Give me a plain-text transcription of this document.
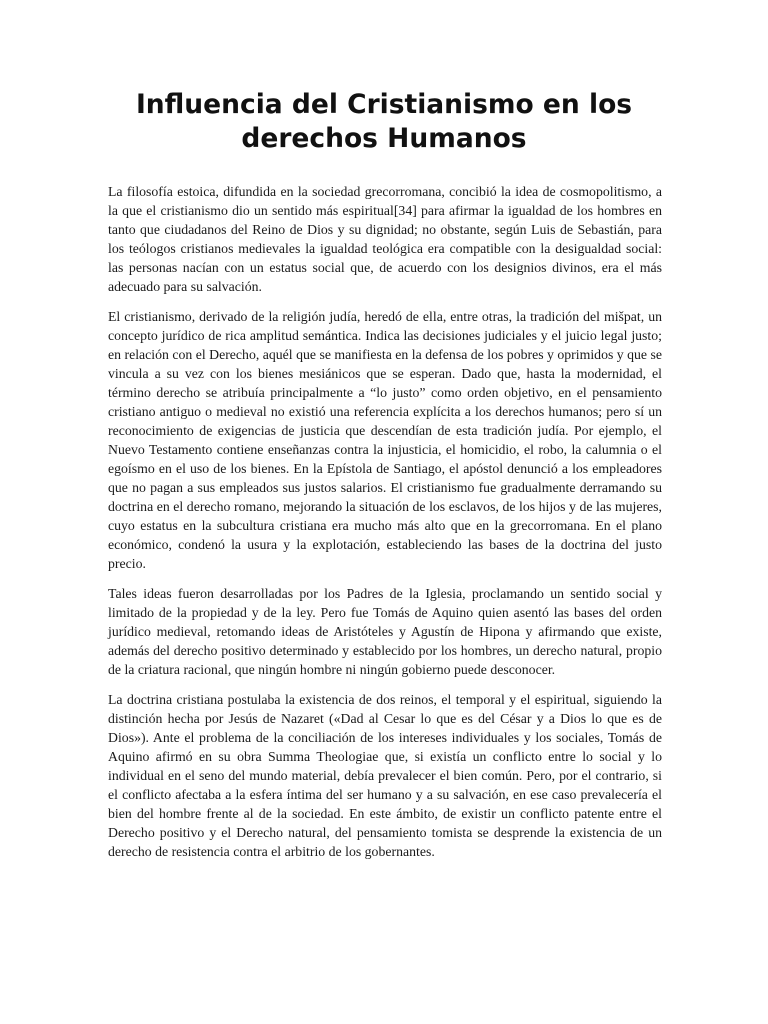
Influencia del Cristianismo en los
derechos Humanos

La filosofía estoica, difundida en la sociedad grecorromana, concibió la idea de cosmopolitismo, a la que el cristianismo dio un sentido más espiritual[34] para afirmar la igualdad de los hombres en tanto que ciudadanos del Reino de Dios y su dignidad; no obstante, según Luis de Sebastián, para los teólogos cristianos medievales la igualdad teológica era compatible con la desigualdad social: las personas nacían con un estatus social que, de acuerdo con los designios divinos, era el más adecuado para su salvación.

El cristianismo, derivado de la religión judía, heredó de ella, entre otras, la tradición del mišpat, un concepto jurídico de rica amplitud semántica. Indica las decisiones judiciales y el juicio legal justo; en relación con el Derecho, aquél que se manifiesta en la defensa de los pobres y oprimidos y que se vincula a su vez con los bienes mesiánicos que se esperan. Dado que, hasta la modernidad, el término derecho se atribuía principalmente a “lo justo” como orden objetivo, en el pensamiento cristiano antiguo o medieval no existió una referencia explícita a los derechos humanos; pero sí un reconocimiento de exigencias de justicia que descendían de esta tradición judía. Por ejemplo, el Nuevo Testamento contiene enseñanzas contra la injusticia, el homicidio, el robo, la calumnia o el egoísmo en el uso de los bienes. En la Epístola de Santiago, el apóstol denunció a los empleadores que no pagan a sus empleados sus justos salarios. El cristianismo fue gradualmente derramando su doctrina en el derecho romano, mejorando la situación de los esclavos, de los hijos y de las mujeres, cuyo estatus en la subcultura cristiana era mucho más alto que en la grecorromana. En el plano económico, condenó la usura y la explotación, estableciendo las bases de la doctrina del justo precio.

Tales ideas fueron desarrolladas por los Padres de la Iglesia, proclamando un sentido social y limitado de la propiedad y de la ley. Pero fue Tomás de Aquino quien asentó las bases del orden jurídico medieval, retomando ideas de Aristóteles y Agustín de Hipona y afirmando que existe, además del derecho positivo determinado y establecido por los hombres, un derecho natural, propio de la criatura racional, que ningún hombre ni ningún gobierno puede desconocer.

La doctrina cristiana postulaba la existencia de dos reinos, el temporal y el espiritual, siguiendo la distinción hecha por Jesús de Nazaret («Dad al Cesar lo que es del César y a Dios lo que es de Dios»). Ante el problema de la conciliación de los intereses individuales y los sociales, Tomás de Aquino afirmó en su obra Summa Theologiae que, si existía un conflicto entre lo social y lo individual en el seno del mundo material, debía prevalecer el bien común. Pero, por el contrario, si el conflicto afectaba a la esfera íntima del ser humano y a su salvación, en ese caso prevalecería el bien del hombre frente al de la sociedad. En este ámbito, de existir un conflicto patente entre el Derecho positivo y el Derecho natural, del pensamiento tomista se desprende la existencia de un derecho de resistencia contra el arbitrio de los gobernantes.
